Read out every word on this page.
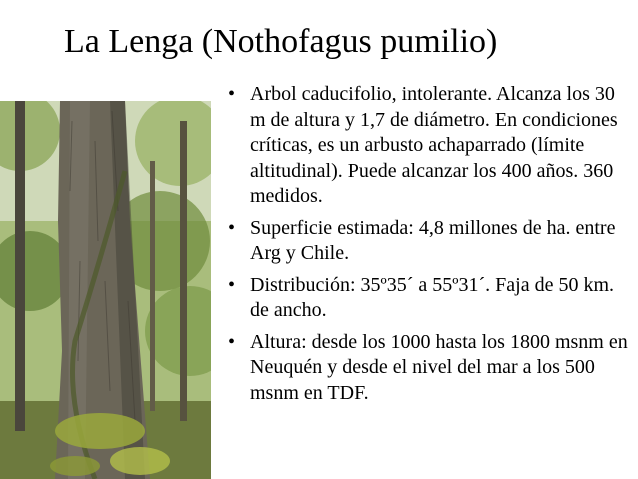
La Lenga (Nothofagus pumilio)
• Arbol caducifolio, intolerante. Alcanza los 30 m de altura y 1,7 de diámetro. En condiciones críticas, es un arbusto achaparrado (límite altitudinal). Puede alcanzar los 400 años. 360 medidos.
• Superficie estimada: 4,8 millones de ha. entre Arg y Chile.
• Distribución: 35º35´ a 55º31´. Faja de 50 km. de ancho.
• Altura: desde los 1000 hasta los 1800 msnm en Neuquén y desde el nivel del mar a los 500 msnm en TDF.
